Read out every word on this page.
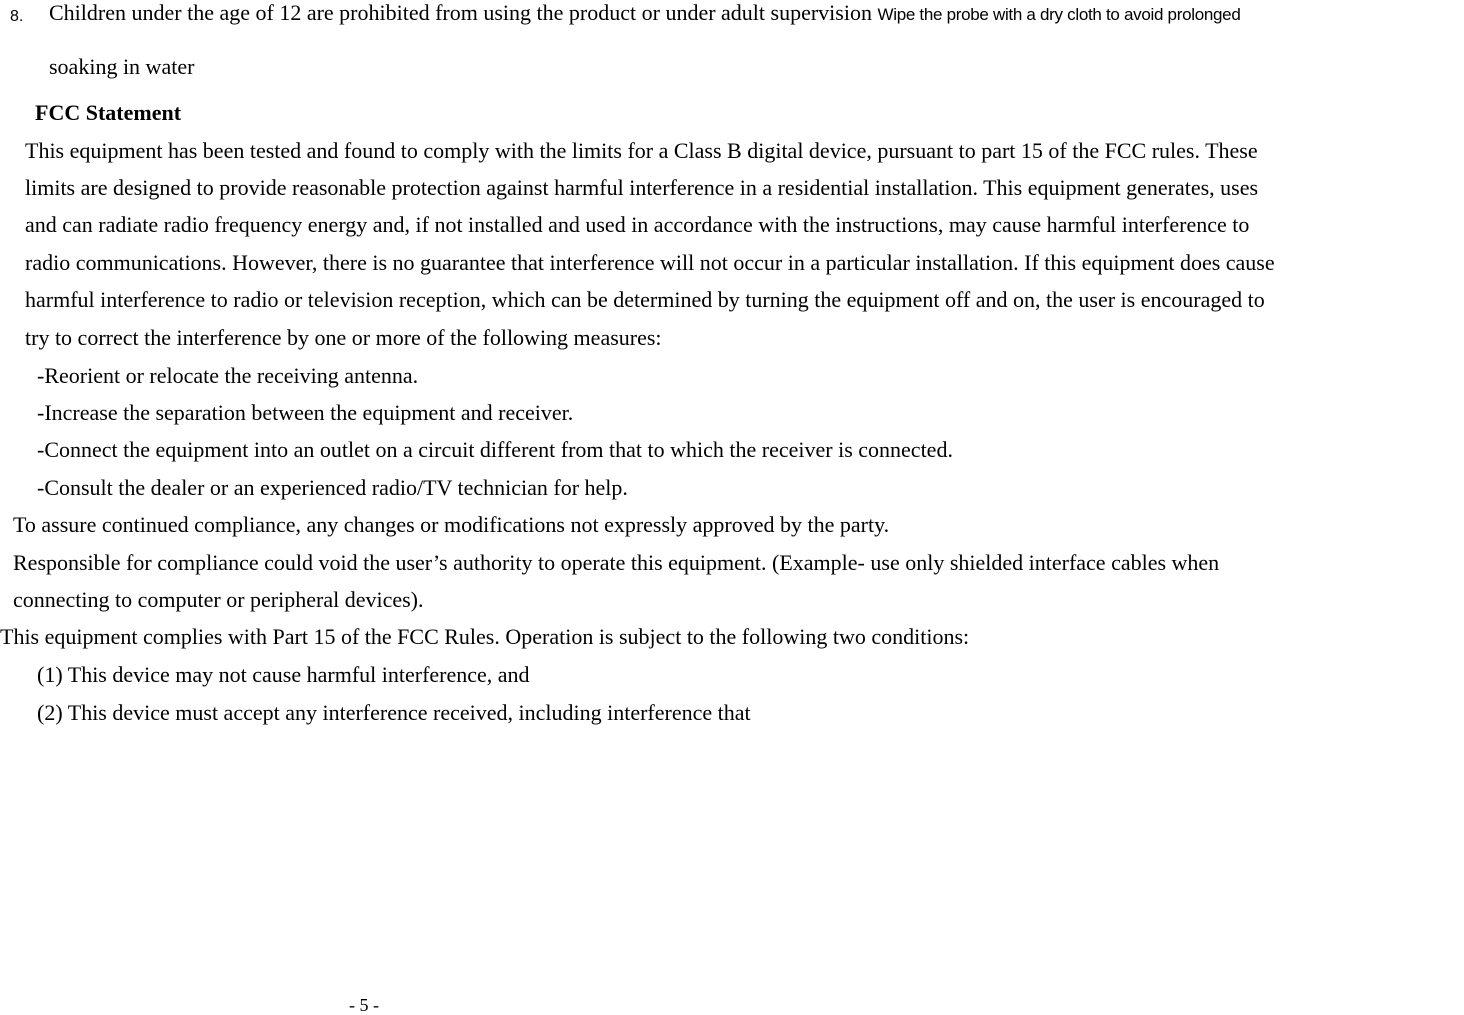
8. Children under the age of 12 are prohibited from using the product or under adult supervision Wipe the probe with a dry cloth to avoid prolonged
soaking in water
FCC Statement
This equipment has been tested and found to comply with the limits for a Class B digital device, pursuant to part 15 of the FCC rules. These
limits are designed to provide reasonable protection against harmful interference in a residential installation. This equipment generates, uses
and can radiate radio frequency energy and, if not installed and used in accordance with the instructions, may cause harmful interference to
radio communications. However, there is no guarantee that interference will not occur in a particular installation. If this equipment does cause
harmful interference to radio or television reception, which can be determined by turning the equipment off and on, the user is encouraged to
try to correct the interference by one or more of the following measures:
-Reorient or relocate the receiving antenna.
-Increase the separation between the equipment and receiver.
-Connect the equipment into an outlet on a circuit different from that to which the receiver is connected.
-Consult the dealer or an experienced radio/TV technician for help.
To assure continued compliance, any changes or modifications not expressly approved by the party.
Responsible for compliance could void the user’s authority to operate this equipment. (Example- use only shielded interface cables when
connecting to computer or peripheral devices).
This equipment complies with Part 15 of the FCC Rules. Operation is subject to the following two conditions:
(1) This device may not cause harmful interference, and
(2) This device must accept any interference received, including interference that
- 5 -
